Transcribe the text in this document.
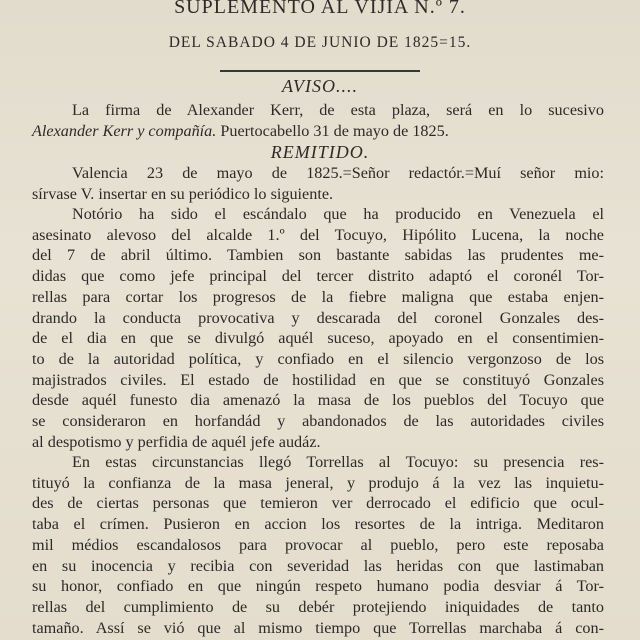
SUPLEMENTO AL VIJIA N.º 7.
DEL SABADO 4 DE JUNIO DE 1825=15.
AVISO....
La firma de Alexander Kerr, de esta plaza, será en lo sucesivo
Alexander Kerr y compañía. Puertocabello 31 de mayo de 1825.
REMITIDO.
Valencia 23 de mayo de 1825.=Señor redactór.=Muí señor mio:
sírvase V. insertar en su periódico lo siguiente.
Notório ha sido el escándalo que ha producido en Venezuela el
asesinato alevoso del alcalde 1.º del Tocuyo, Hipólito Lucena, la noche
del 7 de abril último. Tambien son bastante sabidas las prudentes me-
didas que como jefe principal del tercer distrito adaptó el coronél Tor-
rellas para cortar los progresos de la fiebre maligna que estaba enjen-
drando la conducta provocativa y descarada del coronel Gonzales des-
de el dia en que se divulgó aquél suceso, apoyado en el consentimien-
to de la autoridad política, y confiado en el silencio vergonzoso de los
majistrados civiles. El estado de hostilidad en que se constituyó Gonzales
desde aquél funesto dia amenazó la masa de los pueblos del Tocuyo que
se consideraron en horfandád y abandonados de las autoridades civiles
al despotismo y perfidia de aquél jefe audáz.
En estas circunstancias llegó Torrellas al Tocuyo: su presencia res-
tituyó la confianza de la masa jeneral, y produjo á la vez las inquietu-
des de ciertas personas que temieron ver derrocado el edificio que ocul-
taba el crímen. Pusieron en accion los resortes de la intriga. Meditaron
mil médios escandalosos para provocar al pueblo, pero este reposaba
en su inocencia y recibia con severidad las heridas con que lastimaban
su honor, confiado en que ningún respeto humano podia desviar á Tor-
rellas del cumplimiento de su debér protejiendo iniquidades de tanto
tamaño. Assí se vió que al mismo tiempo que Torrellas marchaba á con-
